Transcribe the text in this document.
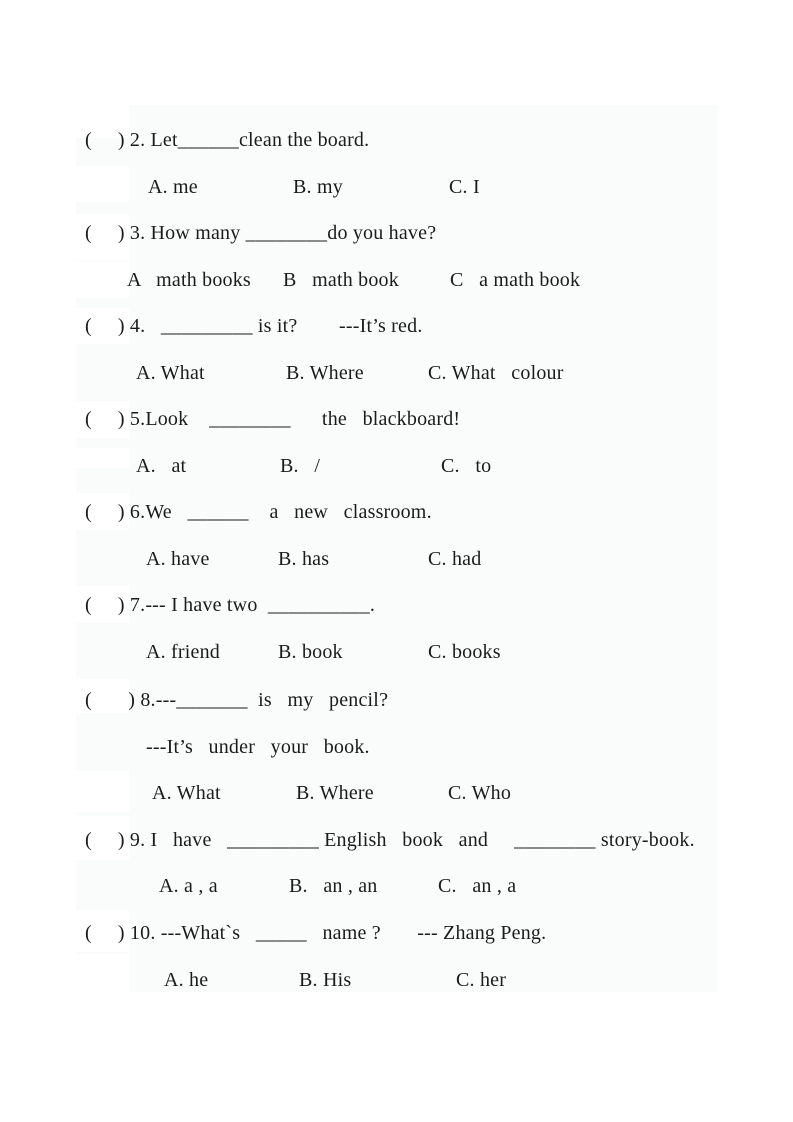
(     ) 2. Let______clean the board.
A. me	B. my	C. I
(     ) 3. How many ________do you have?
A   math books B   math book	C   a math book
(     ) 4.   _________ is it?        ---It’s red.
A. What	B. Where	C. What   colour
(     ) 5.Look    ________      the   blackboard!
A.   at	B.   /	C.   to
(     ) 6.We   ______    a   new   classroom.
A. have	B. has	C. had
(     ) 7.--- I have two  __________.
A. friend	B. book	C. books
(       ) 8.---_______  is   my   pencil?
---It’s   under   your   book.
A. What	B. Where	C. Who
(     ) 9. I   have   _________ English   book   and     ________ story-book.
A. a , a	B.   an , an	C.   an , a
(     ) 10. ---What`s   _____   name ?       --- Zhang Peng.
A. he	B. His	C. her
